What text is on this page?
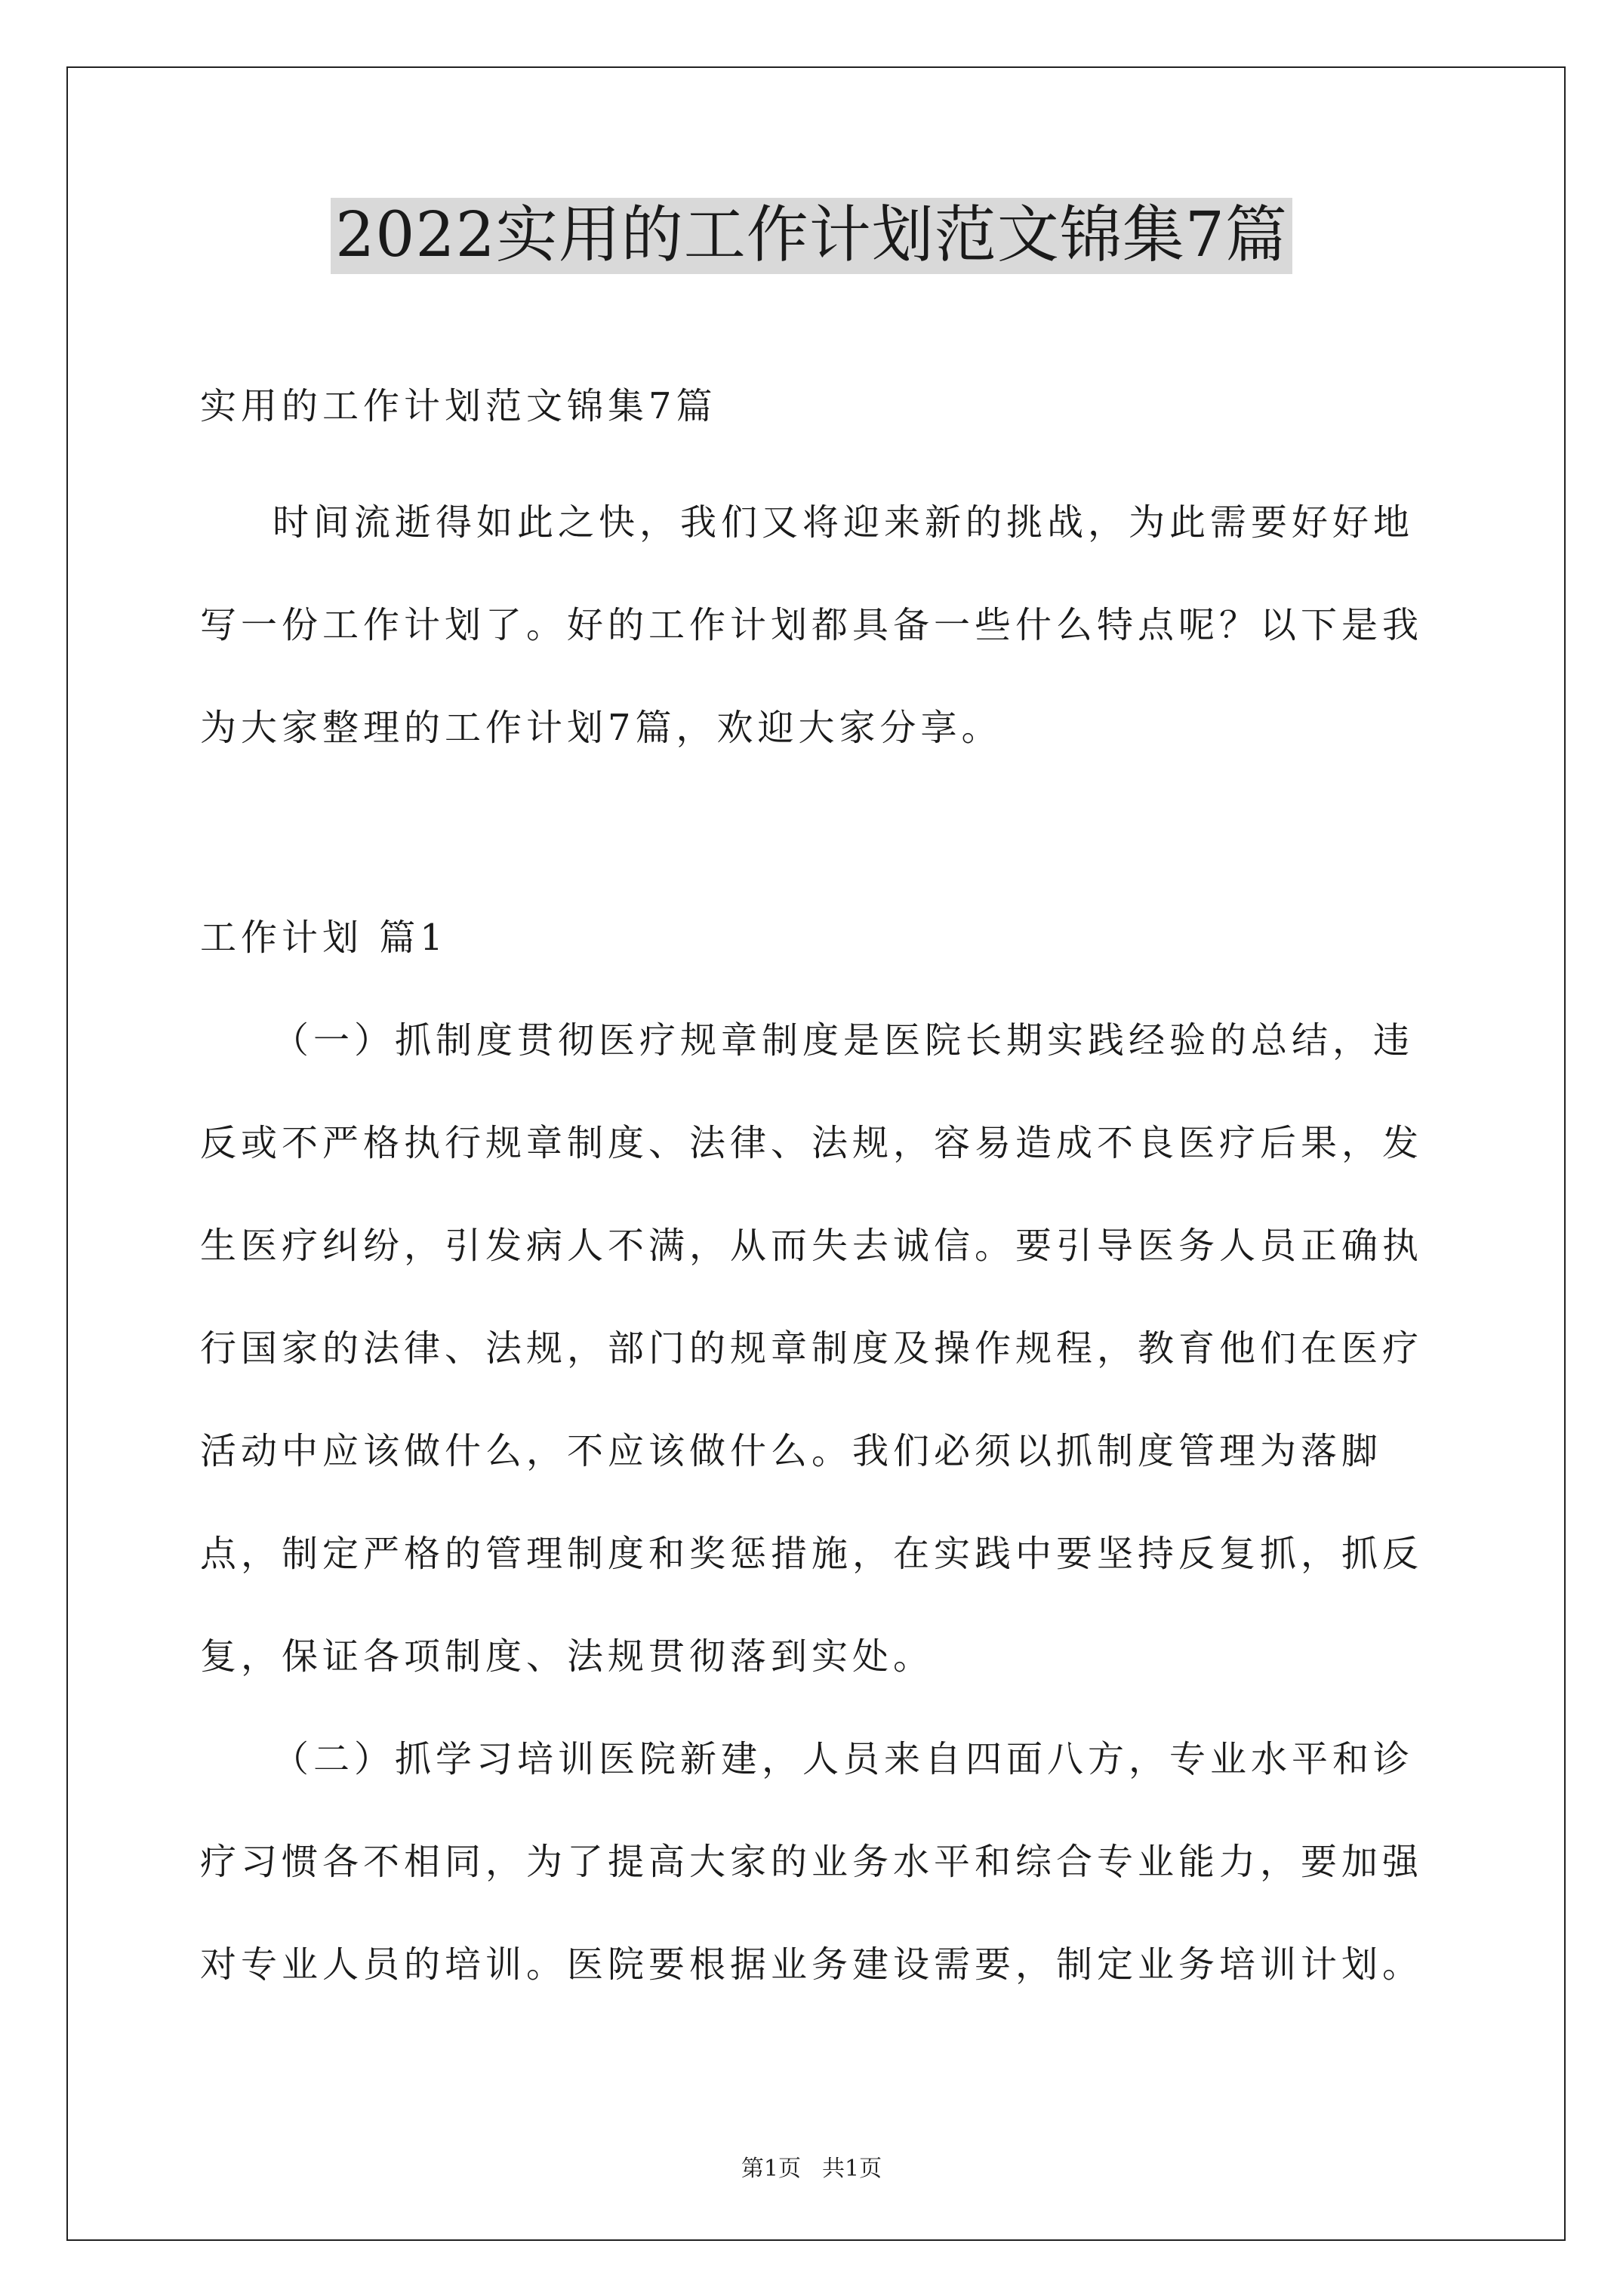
2022实用的工作计划范文锦集7篇

实用的工作计划范文锦集7篇

时间流逝得如此之快，我们又将迎来新的挑战，为此需要好好地写一份工作计划了。好的工作计划都具备一些什么特点呢？以下是我为大家整理的工作计划7篇，欢迎大家分享。

工作计划 篇1

（一）抓制度贯彻医疗规章制度是医院长期实践经验的总结，违反或不严格执行规章制度、法律、法规，容易造成不良医疗后果，发生医疗纠纷，引发病人不满，从而失去诚信。要引导医务人员正确执行国家的法律、法规，部门的规章制度及操作规程，教育他们在医疗活动中应该做什么，不应该做什么。我们必须以抓制度管理为落脚点，制定严格的管理制度和奖惩措施，在实践中要坚持反复抓，抓反复，保证各项制度、法规贯彻落到实处。

（二）抓学习培训医院新建，人员来自四面八方，专业水平和诊疗习惯各不相同，为了提高大家的业务水平和综合专业能力，要加强对专业人员的培训。医院要根据业务建设需要，制定业务培训计划。

第1页 共1页
